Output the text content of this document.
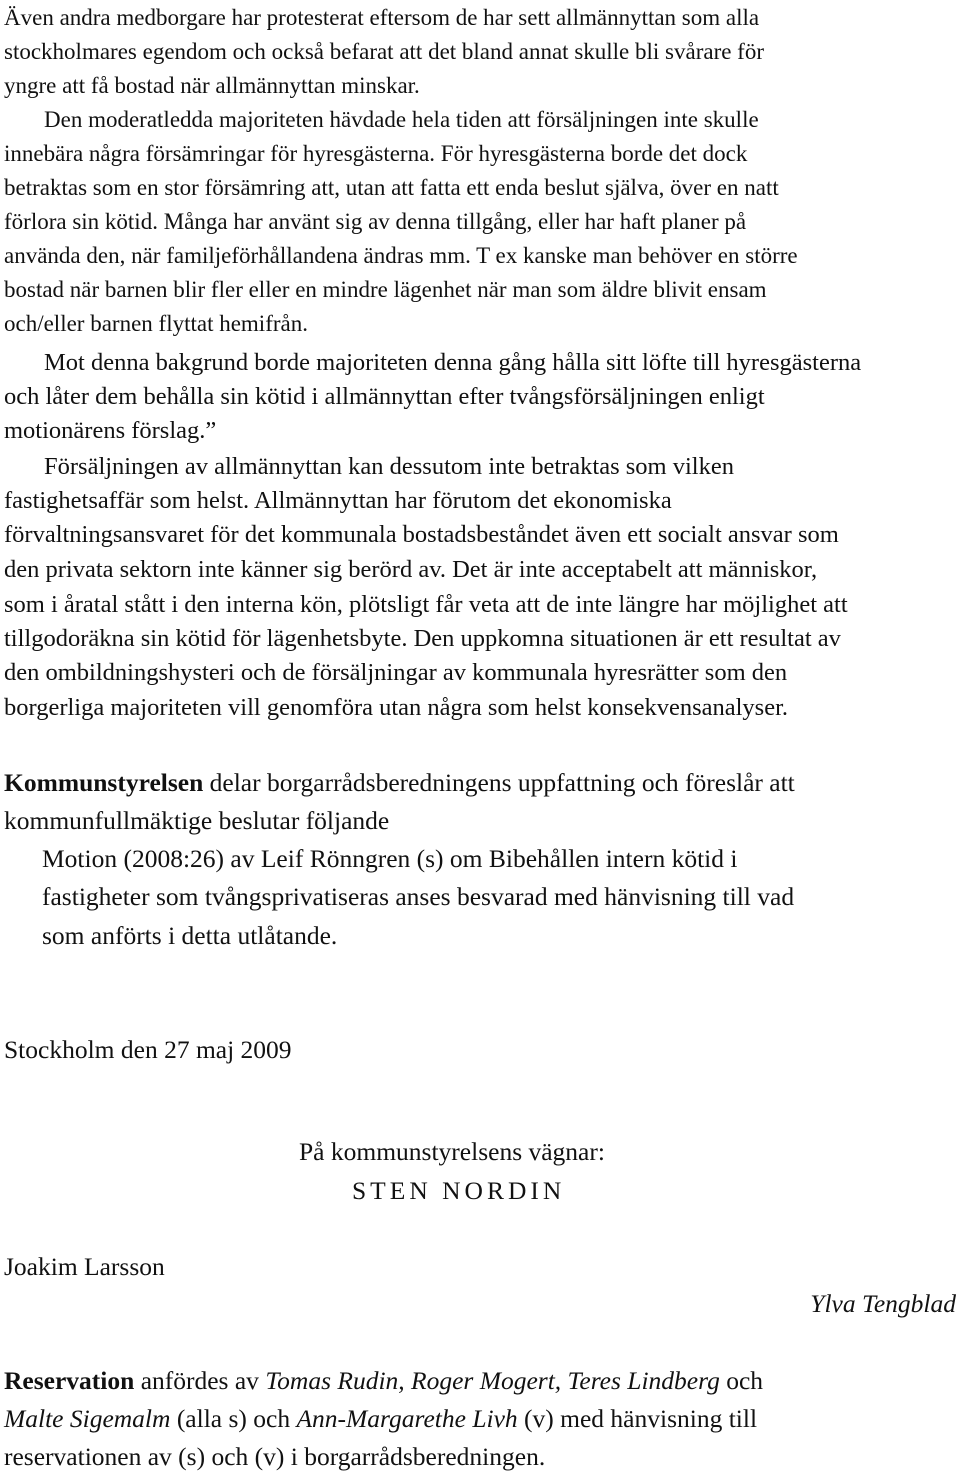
Även andra medborgare har protesterat eftersom de har sett allmännyttan som alla
stockholmares egendom och också befarat att det bland annat skulle bli svårare för
yngre att få bostad när allmännyttan minskar.
Den moderatledda majoriteten hävdade hela tiden att försäljningen inte skulle
innebära några försämringar för hyresgästerna. För hyresgästerna borde det dock
betraktas som en stor försämring att, utan att fatta ett enda beslut själva, över en natt
förlora sin kötid. Många har använt sig av denna tillgång, eller har haft planer på
använda den, när familjeförhållandena ändras mm. T ex kanske man behöver en större
bostad när barnen blir fler eller en mindre lägenhet när man som äldre blivit ensam
och/eller barnen flyttat hemifrån.
Mot denna bakgrund borde majoriteten denna gång hålla sitt löfte till hyresgästerna
och låter dem behålla sin kötid i allmännyttan efter tvångsförsäljningen enligt
motionärens förslag.”
Försäljningen av allmännyttan kan dessutom inte betraktas som vilken
fastighetsaffär som helst. Allmännyttan har förutom det ekonomiska
förvaltningsansvaret för det kommunala bostadsbeståndet även ett socialt ansvar som
den privata sektorn inte känner sig berörd av. Det är inte acceptabelt att människor,
som i åratal stått i den interna kön, plötsligt får veta att de inte längre har möjlighet att
tillgodoräkna sin kötid för lägenhetsbyte. Den uppkomna situationen är ett resultat av
den ombildningshysteri och de försäljningar av kommunala hyresrätter som den
borgerliga majoriteten vill genomföra utan några som helst konsekvensanalyser.
Kommunstyrelsen delar borgarrådsberedningens uppfattning och föreslår att
kommunfullmäktige beslutar följande
Motion (2008:26) av Leif Rönngren (s) om Bibehållen intern kötid i
fastigheter som tvångsprivatiseras anses besvarad med hänvisning till vad
som anförts i detta utlåtande.
Stockholm den 27 maj 2009
På kommunstyrelsens vägnar:
STEN NORDIN
Joakim Larsson
Ylva Tengblad
Reservation anfördes av Tomas Rudin, Roger Mogert, Teres Lindberg och
Malte Sigemalm (alla s) och Ann-Margarethe Livh (v) med hänvisning till
reservationen av (s) och (v) i borgarrådsberedningen.
